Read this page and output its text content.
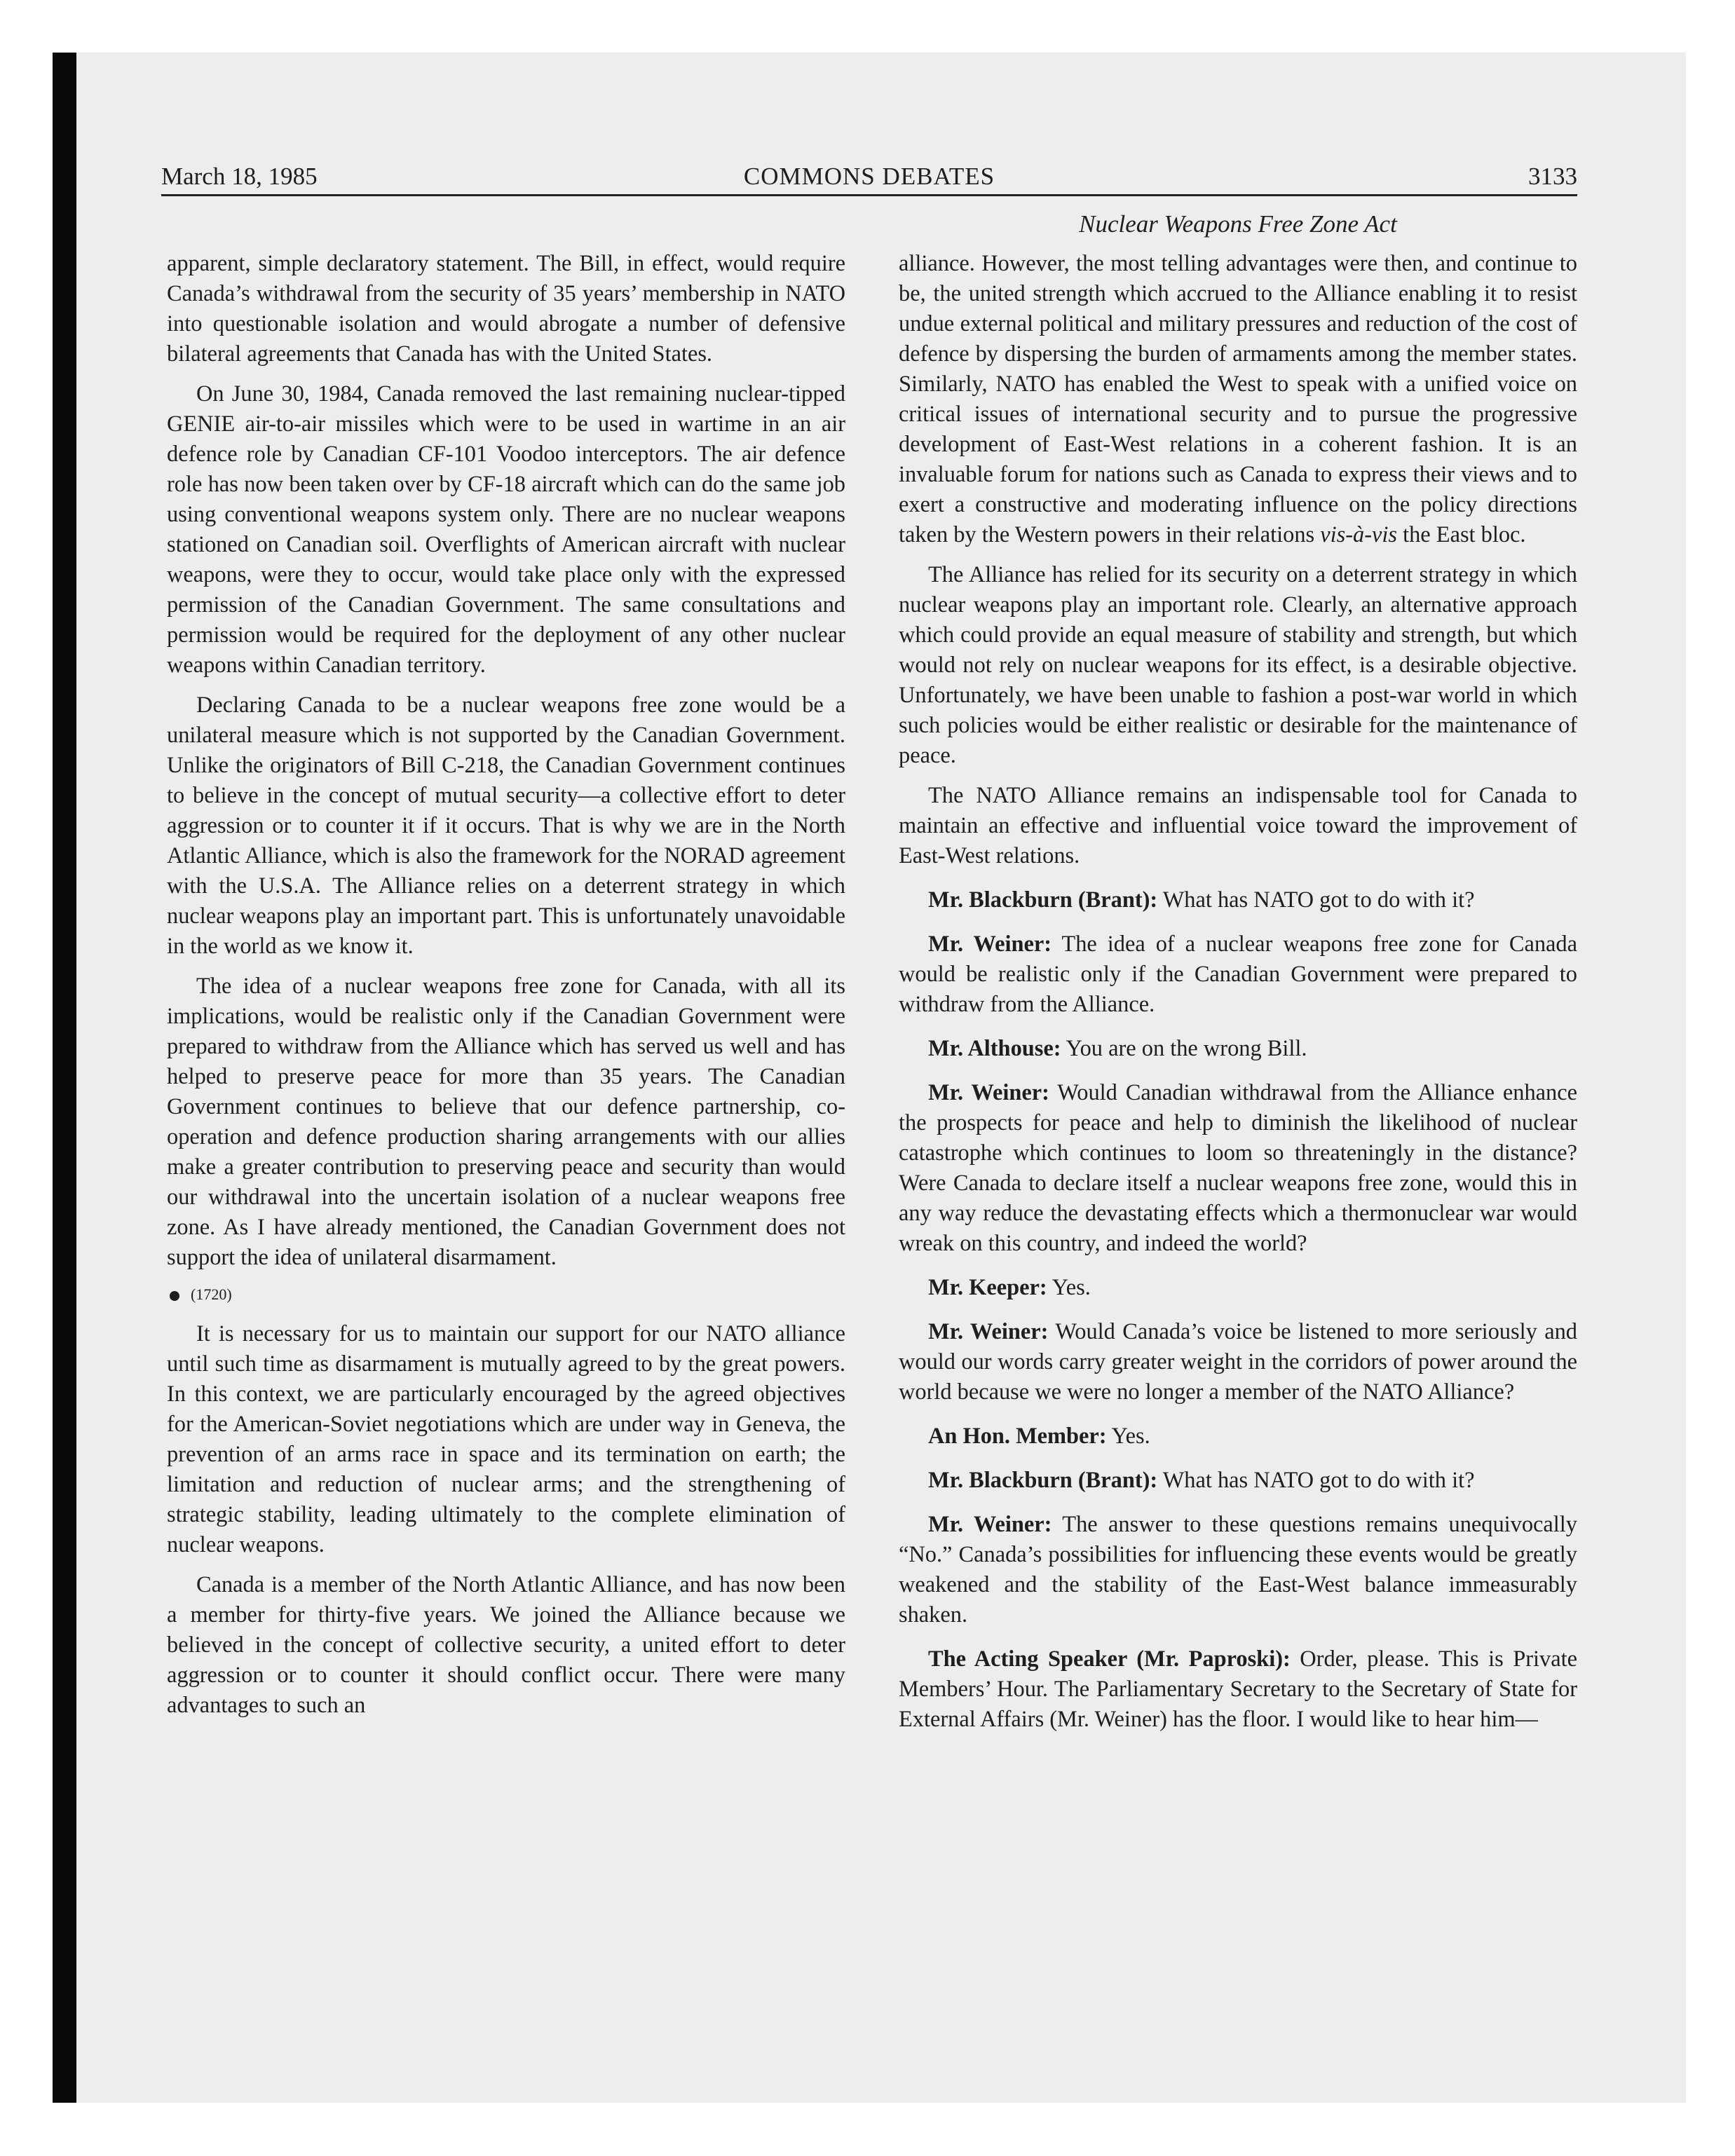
March 18, 1985	COMMONS DEBATES	3133
Nuclear Weapons Free Zone Act

apparent, simple declaratory statement. The Bill, in effect, would require Canada’s withdrawal from the security of 35 years’ membership in NATO into questionable isolation and would abrogate a number of defensive bilateral agreements that Canada has with the United States.

On June 30, 1984, Canada removed the last remaining nuclear-tipped GENIE air-to-air missiles which were to be used in wartime in an air defence role by Canadian CF-101 Voodoo interceptors. The air defence role has now been taken over by CF-18 aircraft which can do the same job using conventional weapons system only. There are no nuclear weapons stationed on Canadian soil. Overflights of American aircraft with nuclear weapons, were they to occur, would take place only with the expressed permission of the Canadian Government. The same consultations and permission would be required for the deployment of any other nuclear weapons within Canadian territory.

Declaring Canada to be a nuclear weapons free zone would be a unilateral measure which is not supported by the Canadian Government. Unlike the originators of Bill C-218, the Canadian Government continues to believe in the concept of mutual security—a collective effort to deter aggression or to counter it if it occurs. That is why we are in the North Atlantic Alliance, which is also the framework for the NORAD agreement with the U.S.A. The Alliance relies on a deterrent strategy in which nuclear weapons play an important part. This is unfortunately unavoidable in the world as we know it.

The idea of a nuclear weapons free zone for Canada, with all its implications, would be realistic only if the Canadian Government were prepared to withdraw from the Alliance which has served us well and has helped to preserve peace for more than 35 years. The Canadian Government continues to believe that our defence partnership, co-operation and defence production sharing arrangements with our allies make a greater contribution to preserving peace and security than would our withdrawal into the uncertain isolation of a nuclear weapons free zone. As I have already mentioned, the Canadian Government does not support the idea of unilateral disarmament.

(1720)

It is necessary for us to maintain our support for our NATO alliance until such time as disarmament is mutually agreed to by the great powers. In this context, we are particularly encouraged by the agreed objectives for the American-Soviet negotiations which are under way in Geneva, the prevention of an arms race in space and its termination on earth; the limitation and reduction of nuclear arms; and the strengthening of strategic stability, leading ultimately to the complete elimination of nuclear weapons.

Canada is a member of the North Atlantic Alliance, and has now been a member for thirty-five years. We joined the Alliance because we believed in the concept of collective security, a united effort to deter aggression or to counter it should conflict occur. There were many advantages to such an

alliance. However, the most telling advantages were then, and continue to be, the united strength which accrued to the Alliance enabling it to resist undue external political and military pressures and reduction of the cost of defence by dispersing the burden of armaments among the member states. Similarly, NATO has enabled the West to speak with a unified voice on critical issues of international security and to pursue the progressive development of East-West relations in a coherent fashion. It is an invaluable forum for nations such as Canada to express their views and to exert a constructive and moderating influence on the policy directions taken by the Western powers in their relations vis-à-vis the East bloc.

The Alliance has relied for its security on a deterrent strategy in which nuclear weapons play an important role. Clearly, an alternative approach which could provide an equal measure of stability and strength, but which would not rely on nuclear weapons for its effect, is a desirable objective. Unfortunately, we have been unable to fashion a post-war world in which such policies would be either realistic or desirable for the maintenance of peace.

The NATO Alliance remains an indispensable tool for Canada to maintain an effective and influential voice toward the improvement of East-West relations.

Mr. Blackburn (Brant): What has NATO got to do with it?

Mr. Weiner: The idea of a nuclear weapons free zone for Canada would be realistic only if the Canadian Government were prepared to withdraw from the Alliance.

Mr. Althouse: You are on the wrong Bill.

Mr. Weiner: Would Canadian withdrawal from the Alliance enhance the prospects for peace and help to diminish the likelihood of nuclear catastrophe which continues to loom so threateningly in the distance? Were Canada to declare itself a nuclear weapons free zone, would this in any way reduce the devastating effects which a thermonuclear war would wreak on this country, and indeed the world?

Mr. Keeper: Yes.

Mr. Weiner: Would Canada’s voice be listened to more seriously and would our words carry greater weight in the corridors of power around the world because we were no longer a member of the NATO Alliance?

An Hon. Member: Yes.

Mr. Blackburn (Brant): What has NATO got to do with it?

Mr. Weiner: The answer to these questions remains unequivocally “No.” Canada’s possibilities for influencing these events would be greatly weakened and the stability of the East-West balance immeasurably shaken.

The Acting Speaker (Mr. Paproski): Order, please. This is Private Members’ Hour. The Parliamentary Secretary to the Secretary of State for External Affairs (Mr. Weiner) has the floor. I would like to hear him—
